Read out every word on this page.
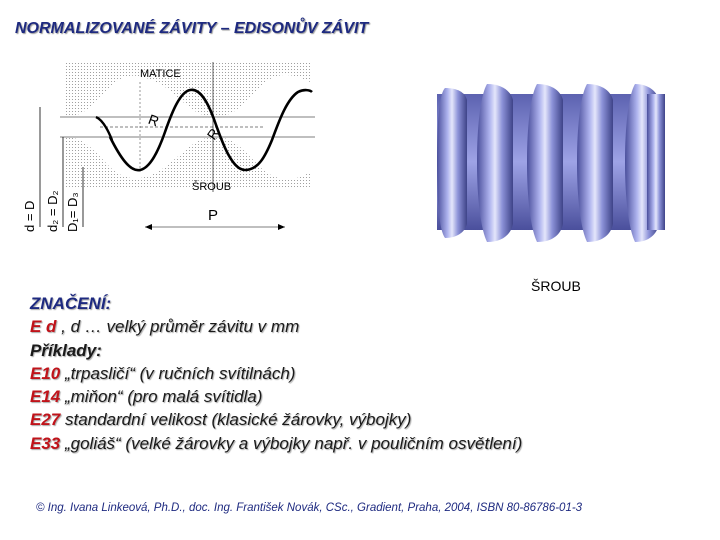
NORMALIZOVANÉ ZÁVITY – EDISONŮV ZÁVIT
R
R
MATICE
ŠROUB
P
d = D d₂ = D₂ D₁= D₃
ŠROUB
ZNAČENÍ:
E d , d … velký průměr závitu v mm
Příklady:
E10 „trpasličí“ (v ručních svítilnách)
E14 „miňon“ (pro malá svítidla)
E27 standardní velikost (klasické žárovky, výbojky)
E33 „goliáš“ (velké žárovky a výbojky např. v pouličním osvětlení)
© Ing. Ivana Linkeová, Ph.D., doc. Ing. František Novák, CSc., Gradient, Praha, 2004, ISBN 80-86786-01-3
